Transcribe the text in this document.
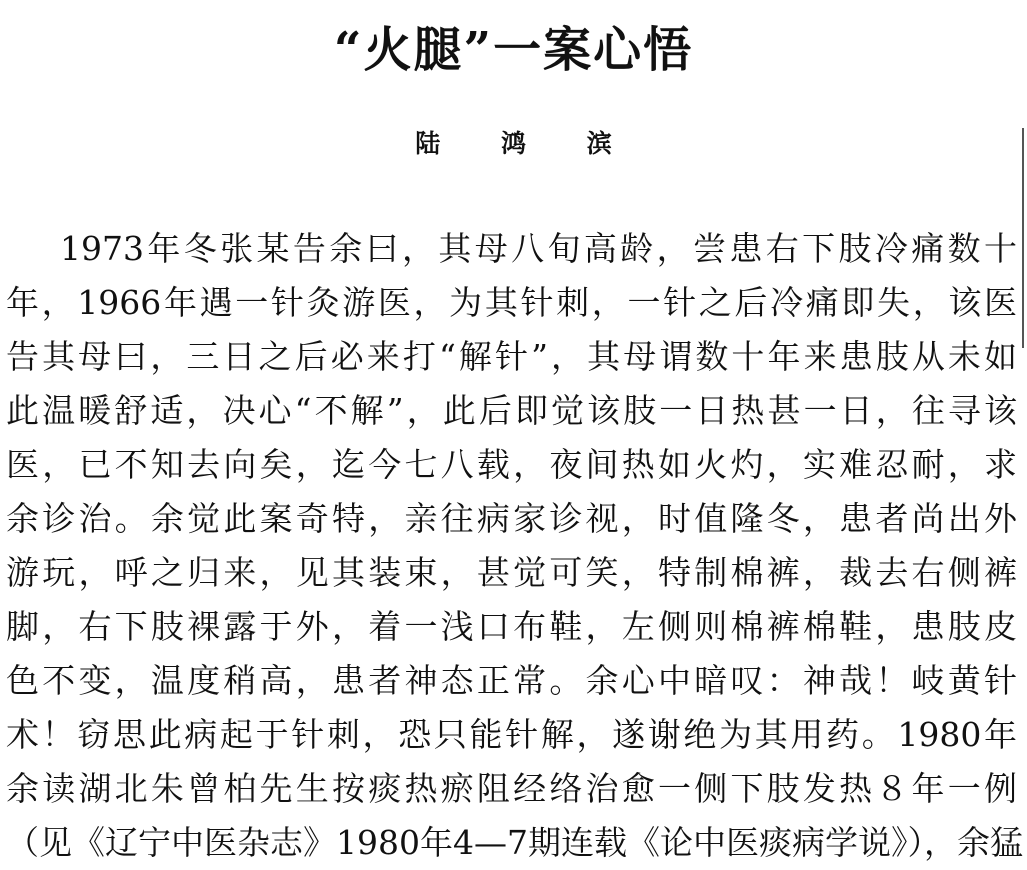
“火腿”一案心悟
陆 鸿 滨
1973年冬张某告余曰，其母八旬高龄，尝患右下肢冷痛数十
年，1966年遇一针灸游医，为其针刺，一针之后冷痛即失，该医
告其母曰，三日之后必来打“解针”，其母谓数十年来患肢从未如
此温暖舒适，决心“不解”，此后即觉该肢一日热甚一日，往寻该
医，已不知去向矣，迄今七八载，夜间热如火灼，实难忍耐，求
余诊治。余觉此案奇特，亲往病家诊视，时值隆冬，患者尚出外
游玩，呼之归来，见其装束，甚觉可笑，特制棉裤，裁去右侧裤
脚，右下肢裸露于外，着一浅口布鞋，左侧则棉裤棉鞋，患肢皮
色不变，温度稍高，患者神态正常。余心中暗叹：神哉！岐黄针
术！窃思此病起于针刺，恐只能针解，遂谢绝为其用药。1980年
余读湖北朱曾柏先生按痰热瘀阻经络治愈一侧下肢发热８年一例
（见《辽宁中医杂志》1980年4—7期连载《论中医痰病学说》），余猛
